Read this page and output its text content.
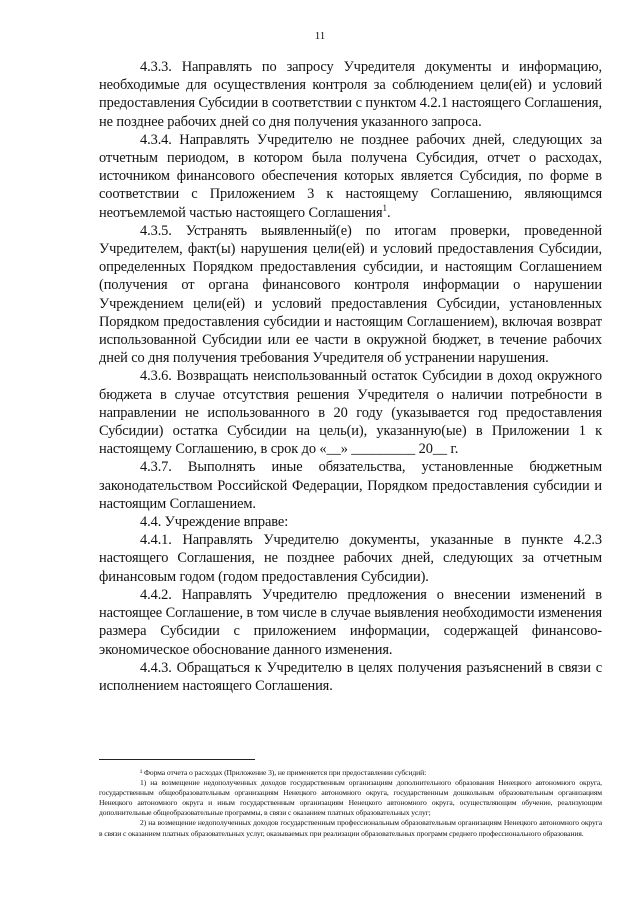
11

4.3.3. Направлять по запросу Учредителя документы и информацию, необходимые для осуществления контроля за соблюдением цели(ей) и условий предоставления Субсидии в соответствии с пунктом 4.2.1 настоящего Соглашения, не позднее рабочих дней со дня получения указанного запроса.

4.3.4. Направлять Учредителю не позднее рабочих дней, следующих за отчетным периодом, в котором была получена Субсидия, отчет о расходах, источником финансового обеспечения которых является Субсидия, по форме в соответствии с Приложением 3 к настоящему Соглашению, являющимся неотъемлемой частью настоящего Соглашения$^1$.

4.3.5. Устранять выявленный(е) по итогам проверки, проведенной Учредителем, факт(ы) нарушения цели(ей) и условий предоставления Субсидии, определенных Порядком предоставления субсидии, и настоящим Соглашением (получения от органа финансового контроля информации о нарушении Учреждением цели(ей) и условий предоставления Субсидии, установленных Порядком предоставления субсидии и настоящим Соглашением), включая возврат использованной Субсидии или ее части в окружной бюджет, в течение рабочих дней со дня получения требования Учредителя об устранении нарушения.

4.3.6. Возвращать неиспользованный остаток Субсидии в доход окружного бюджета в случае отсутствия решения Учредителя о наличии потребности в направлении не использованного в 20 году (указывается год предоставления Субсидии) остатка Субсидии на цель(и), указанную(ые) в Приложении 1 к настоящему Соглашению, в срок до «__» _________ 20__ г.

4.3.7. Выполнять иные обязательства, установленные бюджетным законодательством Российской Федерации, Порядком предоставления субсидии и настоящим Соглашением.

4.4. Учреждение вправе:

4.4.1. Направлять Учредителю документы, указанные в пункте 4.2.3 настоящего Соглашения, не позднее рабочих дней, следующих за отчетным финансовым годом (годом предоставления Субсидии).

4.4.2. Направлять Учредителю предложения о внесении изменений в настоящее Соглашение, в том числе в случае выявления необходимости изменения размера Субсидии с приложением информации, содержащей финансово-экономическое обоснование данного изменения.

4.4.3. Обращаться к Учредителю в целях получения разъяснений в связи с исполнением настоящего Соглашения.

¹ Форма отчета о расходах (Приложение 3), не применяется при предоставлении субсидий:

1) на возмещение недополученных доходов государственным организациям дополнительного образования Ненецкого автономного округа, государственным общеобразовательным организациям Ненецкого автономного округа, государственным дошкольным образовательным организациям Ненецкого автономного округа и иным государственным организациям Ненецкого автономного округа, осуществляющим обучение, реализующим дополнительные общеобразовательные программы, в связи с оказанием платных образовательных услуг;

2) на возмещение недополученных доходов государственным профессиональным образовательным организациям Ненецкого автономного округа в связи с оказанием платных образовательных услуг, оказываемых при реализации образовательных программ среднего профессионального образования.
